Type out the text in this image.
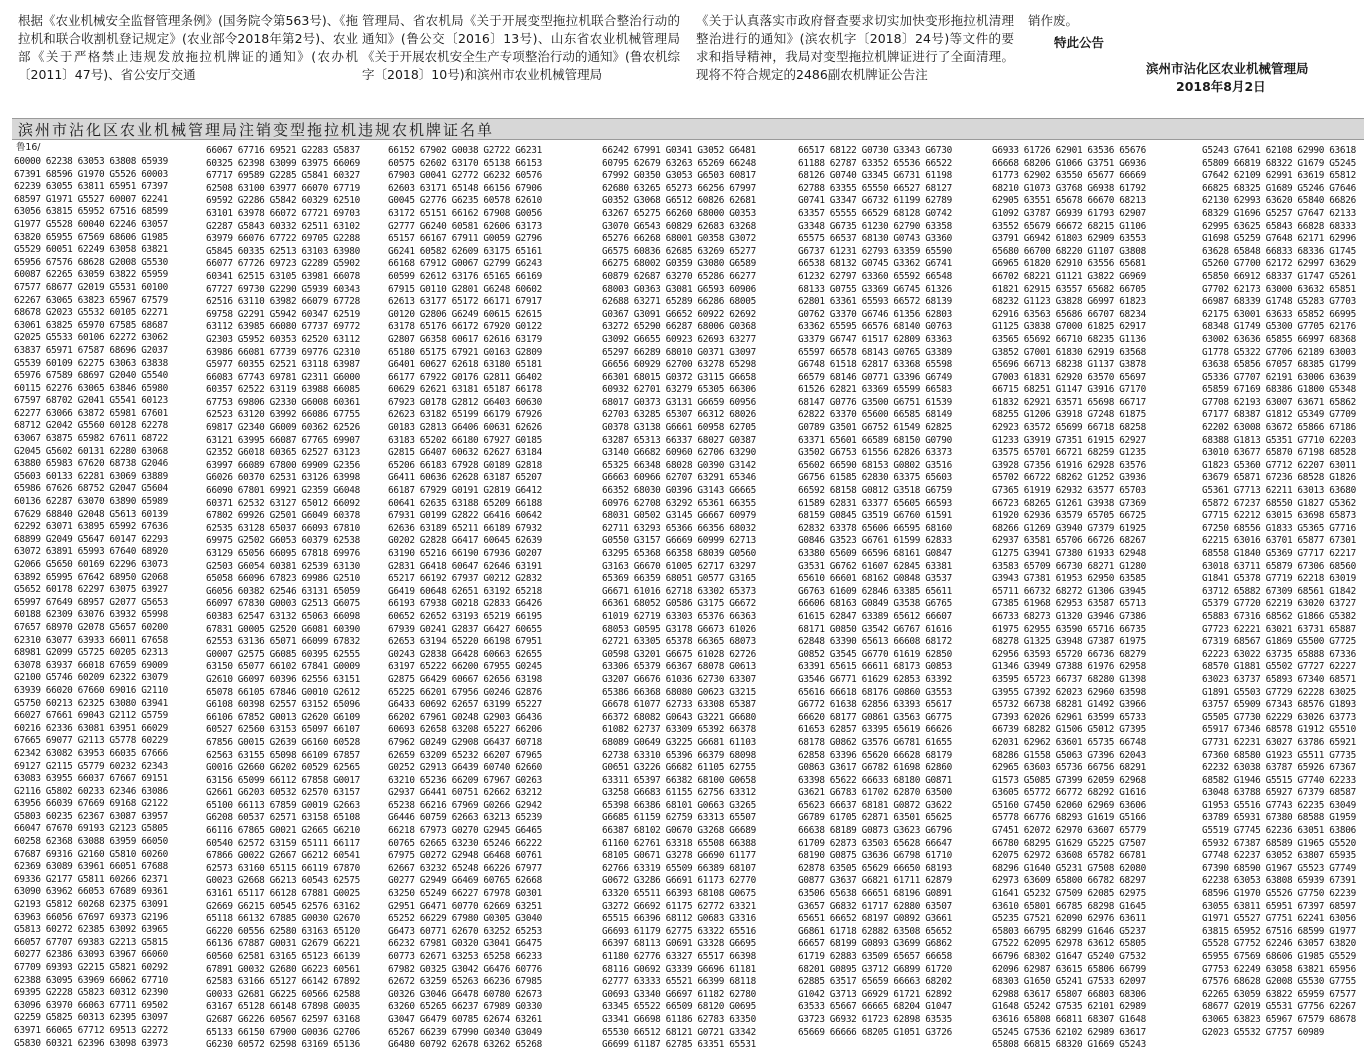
根据《农业机械安全监督管理条例》(国务院令第563号)、《拖拉机和联合收割机登记规定》(农业部令2018年第2号)、农业部《关于严格禁止违规发放拖拉机牌证的通知》(农办机〔2011〕47号)、省公安厅交通
管理局、省农机局《关于开展变型拖拉机联合整治行动的通知》(鲁公交〔2016〕13号)、山东省农业机械管理局《关于开展农机安全生产专项整治行动的通知》(鲁农机综字〔2018〕10号)和滨州市农业机械管理局
《关于认真落实市政府督查要求切实加快变形拖拉机清理整治进行的通知》(滨农机字〔2018〕24号)等文件的要求和指导精神，我局对变型拖拉机牌证进行了全面清理。现将不符合规定的2486副农机牌证公告注
销作废。
特此公告
滨州市沾化区农业机械管理局
2018年8月2日
滨州市沾化区农业机械管理局注销变型拖拉机违规农机牌证名单
鲁16/
60000 62238 63053 63808 65939
67391 68596 G1970 G5526 60003
62239 63055 63811 65951 67397
68597 G1971 G5527 60007 62241
63056 63815 65952 67516 68599
G1977 G5528 60040 62246 63057
63820 65955 67569 68606 G1985
G5529 60051 62249 63058 63821
65956 67576 68628 G2008 G5530
60087 62265 63059 63822 65959
67577 68677 G2019 G5531 60100
62267 63065 63823 65967 67579
68678 G2023 G5532 60105 62271
63061 63825 65970 67585 68687
G2025 G5533 60106 62272 63062
63837 65971 67587 68696 G2037
G5539 60109 62275 63063 63838
65976 67589 68697 G2040 G5540
60115 62276 63065 63846 65980
67597 68702 G2041 G5541 60123
62277 63066 63872 65981 67601
68712 G2042 G5560 60128 62278
63067 63875 65982 67611 68722
G2045 G5602 60131 62280 63068
63880 65983 67620 68738 G2046
G5603 60133 62281 63069 63889
65986 67626 68752 G2047 G5604
60136 62287 63070 63890 65989
67629 68840 G2048 G5613 60139
62292 63071 63895 65992 67636
68899 G2049 G5647 60147 62293
63072 63891 65993 67640 68920
G2066 G5650 60169 62296 63073
63892 65995 67642 68950 G2068
G5652 60178 62297 63075 63927
65997 67649 68957 G2077 G5653
60188 62309 63076 63932 65998
67657 68970 G2078 G5657 60200
62310 63077 63933 66011 67658
68981 G2099 G5725 60205 62313
63078 63937 66018 67659 69009
G2100 G5746 60209 62322 63079
63939 66020 67660 69016 G2110
G5750 60213 62325 63080 63941
66027 67661 69043 G2112 G5759
60216 62336 63081 63951 66029
67665 69077 G2113 G5778 60229
62342 63082 63953 66035 67666
69127 G2115 G5779 60232 62343
63083 63955 66037 67667 69151
G2116 G5802 60233 62346 63086
63956 66039 67669 69168 G2122
G5803 60235 62367 63087 63957
66047 67670 69193 G2123 G5805
60258 62368 63088 63959 66050
67687 69316 G2160 G5810 60260
62369 63089 63961 66051 67688
69336 G2177 G5811 60266 62371
63090 63962 66053 67689 69361
G2193 G5812 60268 62375 63091
63963 66056 67697 69373 G2196
G5813 60272 62385 63092 63965
66057 67707 69383 G2213 G5815
60277 62386 63093 63967 66060
67709 69393 G2215 G5821 60292
62388 63095 63969 66062 67710
69395 G2228 G5823 60312 62390
63096 63970 66063 67711 69502
G2259 G5825 60313 62395 63097
63971 66065 67712 69513 G2272
G5830 60321 62396 63098 63973
66067 67716 69521 G2283 G5837
60325 62398 63099 63975 66069
67717 69589 G2285 G5841 60327
62508 63100 63977 66070 67719
69592 G2286 G5842 60329 62510
63101 63978 66072 67721 69703
G2287 G5843 60332 62511 63102
63979 66076 67722 69705 G2288
G5845 60335 62513 63103 63980
66077 67726 69723 G2289 G5902
60341 62515 63105 63981 66078
67727 69730 G2290 G5939 60343
62516 63110 63982 66079 67728
69758 G2291 G5942 60347 62519
63112 63985 66080 67737 69772
G2303 G5952 60353 62520 63112
63986 66081 67739 69776 G2310
G5977 60355 62521 63118 63987
66083 67743 69781 G2311 G6000
60357 62522 63119 63988 66085
67753 69806 G2330 G6008 60361
62523 63120 63992 66086 67755
69817 G2340 G6009 60362 62526
63121 63995 66087 67765 69907
G2352 G6018 60365 62527 63123
63997 66089 67800 69909 G2356
G6026 60370 62531 63126 63998
66090 67801 69921 G2359 G6048
60371 62532 63127 65012 66092
67802 69926 G2501 G6049 60378
62535 63128 65037 66093 67810
69975 G2502 G6053 60379 62538
63129 65056 66095 67818 69976
G2503 G6054 60381 62539 63130
65058 66096 67823 69986 G2510
G6056 60382 62546 63131 65059
66097 67830 G0003 G2513 G6075
60383 62547 63132 65063 66098
67831 G0005 G2520 G6081 60390
62553 63136 65071 66099 67832
G0007 G2575 G6085 60395 62555
63150 65077 66102 67841 G0009
G2610 G6097 60396 62556 63151
65078 66105 67846 G0010 G2612
G6108 60398 62557 63152 65096
66106 67852 G0013 G2620 G6109
60527 62560 63153 65097 66107
67856 G0015 G2639 G6160 60528
62563 63155 65098 66109 67857
G0016 G2660 G6202 60529 62565
63156 65099 66112 67858 G0017
G2661 G6203 60532 62570 63157
65100 66113 67859 G0019 G2663
G6208 60537 62571 63158 65108
66116 67865 G0021 G2665 G6210
60540 62572 63159 65111 66117
67866 G0022 G2667 G6212 60541
62573 63160 65115 66119 67870
G0023 G2668 G6213 60543 62575
63161 65117 66128 67881 G0025
G2669 G6215 60545 62576 63162
65118 66132 67885 G0030 G2670
G6220 60556 62580 63163 65120
66136 67887 G0031 G2679 G6221
60560 62581 63165 65123 66139
67891 G0032 G2680 G6223 60561
62583 63166 65127 66142 67892
G0033 G2681 G6225 60566 62588
63167 65128 66148 67898 G0035
G2687 G6226 60567 62597 63168
65133 66150 67900 G0036 G2706
G6230 60572 62598 63169 65136
66152 67902 G0038 G2722 G6231
60575 62602 63170 65138 66153
67903 G0041 G2772 G6232 60576
62603 63171 65148 66156 67906
G0045 G2776 G6235 60578 62610
63172 65151 66162 67908 G0056
G2777 G6240 60581 62606 63173
65157 66167 67911 G0059 G2796
G6241 60582 62609 63175 65161
66168 67912 G0067 G2799 G6243
60599 62612 63176 65165 66169
67915 G0110 G2801 G6248 60602
62613 63177 65172 66171 67917
G0120 G2806 G6249 60615 62615
63178 65176 66172 67920 G0122
G2807 G6358 60617 62616 63179
65180 65175 67921 G0163 G2809
G6401 60627 62618 63180 65181
66177 67922 G0176 G2811 G6402
60629 62621 63181 65187 66178
67923 G0178 G2812 G6403 60630
62623 63182 65199 66179 67926
G0183 G2813 G6406 60631 62626
63183 65202 66180 67927 G0185
G2815 G6407 60632 62627 63184
65206 66183 67928 G0189 G2818
G6411 60636 62628 63187 65207
66187 67929 G0191 G2819 G6412
60641 62635 63188 65209 66188
67931 G0199 G2822 G6416 60642
62636 63189 65211 66189 67932
G0202 G2828 G6417 60645 62639
63190 65216 66190 67936 G0207
G2831 G6418 60647 62646 63191
65217 66192 67937 G0212 G2832
G6419 60648 62651 63192 65218
66193 67938 G0218 G2833 G6426
60652 62652 63193 65219 66195
67939 G0241 G2837 G6427 60655
62653 63194 65220 66198 67951
G0243 G2838 G6428 60663 62655
63197 65222 66200 67955 G0245
G2875 G6429 60667 62656 63198
65225 66201 67956 G0246 G2876
G6433 60692 62657 63199 65227
66202 67961 G0248 G2903 G6436
60693 62658 63208 65227 66206
67962 G0249 G2908 G6437 60718
62659 63209 65232 66207 67965
G0252 G2913 G6439 60740 62660
63210 65236 66209 67967 G0263
G2937 G6441 60751 62662 63212
65238 66216 67969 G0266 G2942
G6446 60759 62663 63213 65239
66218 67973 G0270 G2945 G6465
60765 62665 63230 65246 66222
67975 G0272 G2948 G6468 60761
62667 63232 65248 66226 67977
G0277 G2949 G6469 60765 62668
63250 65249 66227 67978 G0301
G2951 G6471 60770 62669 63251
65252 66229 67980 G0305 G3040
G6473 60771 62670 63252 65253
66232 67981 G0320 G3041 G6475
60773 62671 63253 65258 66233
67982 G0325 G3042 G6476 60776
62672 63259 65263 66236 67985
G0326 G3046 G6478 60780 62673
63260 65265 66237 67989 G0330
G3047 G6479 60785 62674 63261
65267 66239 67990 G0340 G3049
G6480 60792 62678 63262 65268
66242 67991 G0341 G3052 G6481
60795 62679 63263 65269 66248
67992 G0350 G3053 G6503 60817
62680 63265 65273 66256 67997
G0352 G3068 G6512 60826 62681
63267 65275 66260 68000 G0353
G3070 G6543 60829 62683 63268
65276 66268 68001 G0358 G3072
G6575 60836 62685 63269 65277
66275 68002 G0359 G3080 G6589
60879 62687 63270 65286 66277
68003 G0363 G3081 G6593 60906
62688 63271 65289 66286 68005
G0367 G3091 G6652 60922 62692
63272 65290 66287 68006 G0368
G3092 G6655 60923 62693 63277
65297 66289 68010 G0371 G3097
G6656 60929 62700 63278 65298
66301 68015 G0372 G3115 G6658
60932 62701 63279 65305 66306
68017 G0373 G3131 G6659 60956
62703 63285 65307 66312 68026
G0378 G3138 G6661 60958 62705
63287 65313 66337 68027 G0387
G3140 G6682 60960 62706 63290
65325 66348 68028 G0390 G3142
G6663 60966 62707 63291 65346
66352 68030 G0396 G3143 G6665
60976 62708 63292 65361 66355
68031 G0502 G3145 G6667 60979
62711 63293 65366 66356 68032
G0550 G3157 G6669 60999 62713
63295 65368 66358 68039 G0560
G3163 G6670 61005 62717 63297
65369 66359 68051 G0577 G3165
G6671 61016 62718 63302 65373
66361 68052 G0586 G3175 G6672
61019 62719 63303 65376 66363
68053 G0595 G3178 G6673 61026
62721 63305 65378 66365 68073
G0598 G3201 G6675 61028 62726
63306 65379 66367 68078 G0613
G3207 G6676 61036 62730 63307
65386 66368 68080 G0623 G3215
G6678 61077 62733 63308 65387
66372 68082 G0643 G3221 G6680
61082 62737 63309 65392 66378
68089 G0649 G3225 G6681 61103
62738 63310 65396 66379 68098
G0651 G3226 G6682 61105 62755
63311 65397 66382 68100 G0658
G3258 G6683 61155 62756 63312
65398 66386 68101 G0663 G3265
G6685 61159 62759 63313 65507
66387 68102 G0670 G3268 G6689
61160 62761 63318 65508 66388
68105 G0671 G3278 G6690 61177
62766 63319 65509 66389 68107
G0672 G3286 G6691 61173 62770
63320 65511 66393 68108 G0675
G3272 G6692 61175 62772 63321
65515 66396 68112 G0683 G3316
G6693 61179 62775 63322 65516
66397 68113 G0691 G3328 G6695
61180 62776 63327 65517 66398
68116 G0692 G3339 G6696 61181
62777 63333 65521 66399 68118
G0693 G3340 G6697 61182 62780
63345 65522 66509 68120 G0695
G3341 G6698 61186 62783 63350
65530 66512 68121 G0721 G3342
G6699 61187 62785 63351 65531
66517 68122 G0730 G3343 G6730
61188 62787 63352 65536 66522
68126 G0740 G3345 G6731 61198
62788 63355 65550 66527 68127
G0741 G3347 G6732 61199 62789
63357 65555 66529 68128 G0742
G3348 G6735 61230 62790 63358
65575 66537 68130 G0743 G3360
G6737 61231 62793 63359 65590
66538 68132 G0745 G3362 G6741
61232 62797 63360 65592 66548
68133 G0755 G3369 G6745 61326
62801 63361 65593 66572 68139
G0762 G3370 G6746 61356 62803
63362 65595 66576 68140 G0763
G3379 G6747 61517 62809 63363
65597 66578 68143 G0765 G3389
G6748 61518 62817 63368 65598
66579 68146 G0771 G3396 G6749
61526 62821 63369 65599 66583
68147 G0776 G3500 G6751 61539
62822 63370 65600 66585 68149
G0789 G3501 G6752 61549 62825
63371 65601 66589 68150 G0790
G3502 G6753 61556 62826 63373
65602 66590 68153 G0802 G3516
G6756 61585 62830 63375 65603
66592 68158 G0812 G3518 G6759
61589 62831 63377 65605 66593
68159 G0845 G3519 G6760 61591
62832 63378 65606 66595 68160
G0846 G3523 G6761 61599 62833
63380 65609 66596 68161 G0847
G3531 G6762 61607 62845 63381
65610 66601 68162 G0848 G3537
G6763 61609 62846 63385 65611
66606 68163 G0849 G3538 G6765
61615 62847 63389 65612 66607
68171 G0850 G3542 G6767 61616
62848 63390 65613 66608 68172
G0852 G3545 G6770 61619 62850
63391 65615 66611 68173 G0853
G3546 G6771 61629 62853 63392
65616 66618 68176 G0860 G3553
G6772 61638 62856 63393 65617
66620 68177 G0861 G3563 G6775
61653 62857 63395 65619 66626
68178 G0862 G3576 G6781 61655
62858 63396 65620 66628 68179
G0863 G3617 G6782 61698 62860
63398 65622 66633 68180 G0871
G3621 G6783 61702 62870 63500
65623 66637 68181 G0872 G3622
G6789 61705 62871 63501 65625
66638 68189 G0873 G3623 G6796
61709 62873 63503 65628 66647
68190 G0875 G3636 G6798 61710
62878 63505 65629 66650 68193
G0877 G3637 G6821 61711 62879
63506 65638 66651 68196 G0891
G3657 G6832 61717 62880 63507
65651 66652 68197 G0892 G3661
G6861 61718 62882 63508 65652
66657 68199 G0893 G3699 G6862
61719 62883 63509 65657 66658
68201 G0895 G3712 G6899 61720
62885 63517 65659 66663 68202
G1042 G3713 G6929 61721 62892
63533 65667 66665 68204 G1047
G3723 G6932 61723 62898 63535
65669 66666 68205 G1051 G3726
G6933 61726 62901 63536 65676
66668 68206 G1066 G3751 G6936
61773 62902 63550 65677 66669
68210 G1073 G3768 G6938 61792
62905 63551 65678 66670 68213
G1092 G3787 G6939 61793 62907
63552 65679 66672 68215 G1106
G3791 G6942 61803 62909 63553
65680 66700 68220 G1107 G3808
G6965 61820 62910 63556 65681
66702 68221 G1121 G3822 G6969
61821 62915 63557 65682 66705
68232 G1123 G3828 G6997 61823
62916 63563 65686 66707 68234
G1125 G3838 G7000 61825 62917
63565 65692 66710 68235 G1136
G3852 G7001 61830 62919 63568
65696 66713 68238 G1137 G3878
G7003 61831 62920 63570 65697
66715 68251 G1147 G3916 G7170
61832 62921 63571 65698 66717
68255 G1206 G3918 G7248 61875
62923 63572 65699 66718 68258
G1233 G3919 G7351 61915 62927
63575 65701 66721 68259 G1235
G3928 G7356 61916 62928 63576
65702 66722 68262 G1252 G3936
G7365 61919 62932 63577 65703
66723 68265 G1261 G3938 G7369
61920 62936 63579 65705 66725
68266 G1269 G3940 G7379 61925
62937 63581 65706 66726 68267
G1275 G3941 G7380 61933 62948
63583 65709 66730 68271 G1280
G3943 G7381 61953 62950 63585
65711 66732 68272 G1306 G3945
G7385 61968 62953 63587 65713
66733 68273 G1320 G3946 G7386
61975 62955 63590 65716 66735
68278 G1325 G3948 G7387 61975
62956 63593 65720 66736 68279
G1346 G3949 G7388 61976 62958
63595 65723 66737 68280 G1398
G3955 G7392 62023 62960 63598
65732 66738 68281 G1492 G3966
G7393 62026 62961 63599 65733
66739 68282 G1506 G5012 G7395
62031 62962 63601 65735 66748
68286 G1558 G5063 G7396 62043
62965 63603 65736 66756 68291
G1573 G5085 G7399 62059 62968
63605 65772 66772 68292 G1616
G5160 G7450 62060 62969 63606
65778 66776 68293 G1619 G5166
G7451 62072 62970 63607 65779
66780 68295 G1629 G5225 G7507
62075 62972 63608 65782 66781
68296 G1640 G5231 G7508 62080
62973 63609 65800 66782 68297
G1641 G5232 G7509 62085 62975
63610 65801 66785 68298 G1645
G5235 G7521 62090 62976 63611
65803 66795 68299 G1646 G5237
G7522 62095 62978 63612 65805
66796 68302 G1647 G5240 G7532
62096 62987 63615 65806 66799
68303 G1650 G5241 G7533 62097
62988 63617 65807 66803 68306
G1648 G5242 G7535 62101 62989
63616 65808 66811 68307 G1648
G5245 G7536 62102 62989 63617
65808 66815 68320 G1669 G5243
G5243 G7641 62108 62990 63618
65809 66819 68322 G1679 G5245
G7642 62109 62991 63619 65812
66825 68325 G1689 G5246 G7646
62130 62993 63620 65840 66826
68329 G1696 G5257 G7647 62133
62995 63625 65843 66828 68333
G1698 G5259 G7648 62171 62996
63628 65848 66833 68336 G1745
G5260 G7700 62172 62997 63629
65850 66912 68337 G1747 G5261
G7702 62173 63000 63632 65851
66987 68339 G1748 G5283 G7703
62175 63001 63633 65852 66995
68348 G1749 G5300 G7705 62176
63002 63636 65855 66997 68368
G1778 G5322 G7706 62189 63003
63638 65856 67057 68385 G1799
G5336 G7707 62191 63006 63639
65859 67169 68386 G1800 G5348
G7708 62193 63007 63671 65862
67177 68387 G1812 G5349 G7709
62202 63008 63672 65866 67186
68388 G1813 G5351 G7710 62203
63010 63677 65870 67198 68528
G1823 G5360 G7712 62207 63011
63679 65871 67236 68528 G1826
G5361 G7713 62211 63013 63680
65872 67237 68550 G1827 G5362
G7715 62212 63015 63698 65873
67250 68556 G1833 G5365 G7716
62215 63016 63701 65877 67301
68558 G1840 G5369 G7717 62217
63018 63711 65879 67306 68560
G1841 G5378 G7719 62218 63019
63712 65882 67309 68561 G1842
G5379 G7720 62219 63020 63727
65883 67316 68562 G1866 G5382
G7723 62221 63021 63731 65887
67319 68567 G1869 G5500 G7725
62223 63022 63735 65888 67336
68570 G1881 G5502 G7727 62227
63023 63737 65893 67340 68571
G1891 G5503 G7729 62228 63025
63757 65909 67343 68576 G1893
G5505 G7730 62229 63026 63773
65917 67346 68578 G1912 G5510
G7731 62231 63027 63786 65921
67360 68580 G1923 G5511 G7735
62232 63038 63787 65926 67367
68582 G1946 G5515 G7740 62233
63048 63788 65927 67379 68587
G1953 G5516 G7743 62235 63049
63789 65931 67380 68588 G1959
G5519 G7745 62236 63051 63806
65932 67387 68589 G1965 G5520
G7748 62237 63052 63807 65935
67390 68590 G1967 G5523 G7749
62238 63053 63808 65939 67391
68596 G1970 G5526 G7750 62239
63055 63811 65951 67397 68597
G1971 G5527 G7751 62241 63056
63815 65952 67516 68599 G1977
G5528 G7752 62246 63057 63820
65955 67569 68606 G1985 G5529
G7753 62249 63058 63821 65956
67576 68628 G2008 G5530 G7755
62265 63059 63822 65959 67577
68677 G2019 G5531 G7756 62267
63065 63823 65967 67579 68678
G2023 G5532 G7757 60989
